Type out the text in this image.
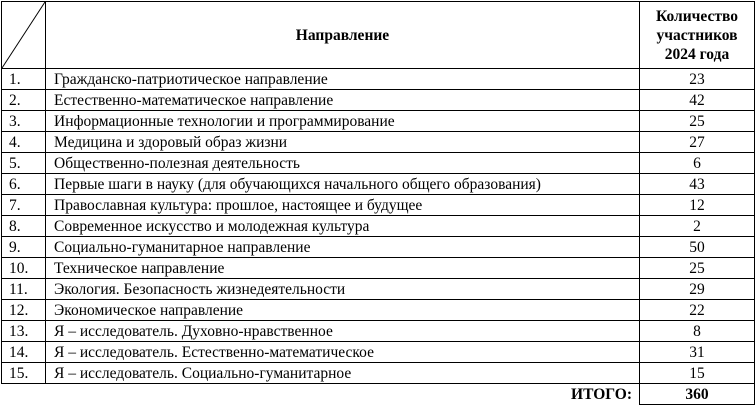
	Направление	Количество
участников
2024 года

1.	Гражданско-патриотическое направление	23
2.	Естественно-математическое направление	42
3.	Информационные технологии и программирование	25
4.	Медицина и здоровый образ жизни	27
5.	Общественно-полезная деятельность	6
6.	Первые шаги в науку (для обучающихся начального общего образования)	43
7.	Православная культура: прошлое, настоящее и будущее	12
8.	Современное искусство и молодежная культура	2
9.	Социально-гуманитарное направление	50
10.	Техническое направление	25
11.	Экология. Безопасность жизнедеятельности	29
12.	Экономическое направление	22
13.	Я – исследователь. Духовно-нравственное	8
14.	Я – исследователь. Естественно-математическое	31
15.	Я – исследователь. Социально-гуманитарное	15
	ИТОГО:	360
